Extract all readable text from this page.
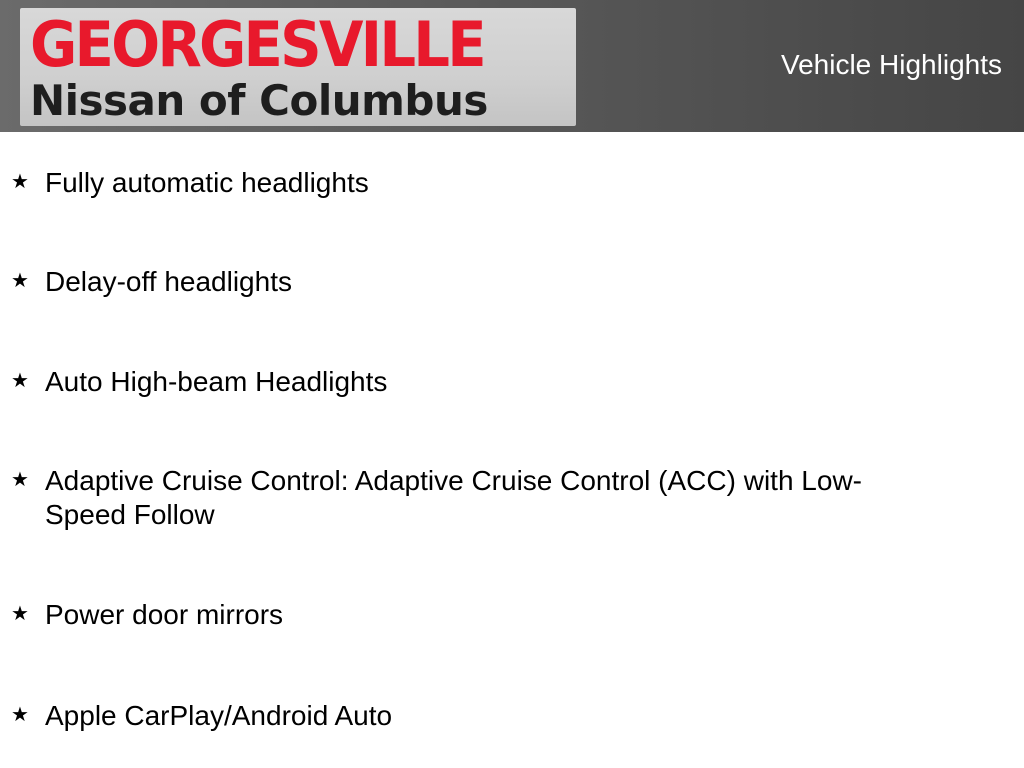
GEORGESVILLE
Nissan of Columbus
Vehicle Highlights
★ Fully automatic headlights
★ Delay-off headlights
★ Auto High-beam Headlights
★ Adaptive Cruise Control: Adaptive Cruise Control (ACC) with Low-Speed Follow
★ Power door mirrors
★ Apple CarPlay/Android Auto
